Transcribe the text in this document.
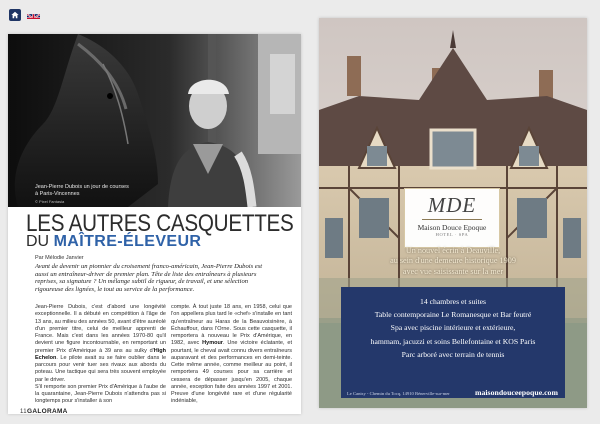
Jean-Pierre Dubois un jour de courses à Paris-Vincennes
© Pixel Fantasia
LES AUTRES CASQUETTES
DU MAÎTRE-ÉLEVEUR
Par Mélodie Janvier
Avant de devenir un pionnier du croisement franco-américain, Jean-Pierre Dubois est aussi un entraîneur-driver de premier plan. Tête de liste des entraîneurs à plusieurs reprises, sa signature ? Un mélange subtil de rigueur, de travail, et une sélection rigoureuse des lignées, le tout au service de la performance.
Jean-Pierre Dubois, c'est d'abord une longévité exceptionnelle. Il a débuté en compétition à l'âge de 13 ans, au milieu des années 50, avant d'être auréolé d'un premier titre, celui de meilleur apprenti de France. Mais c'est dans les années 1970-80 qu'il devient une figure incontournable, en remportant un premier Prix d'Amérique à 39 ans au sulky d'High Echelon. Le pilote avait su se faire oublier dans le parcours pour venir tuer ses rivaux aux abords du poteau. Une tactique qui sera très souvent employée par le driver.
S'il remporte son premier Prix d'Amérique à l'aube de la quarantaine, Jean-Pierre Dubois n'attendra pas si longtemps pour s'installer à son
compte. À tout juste 18 ans, en 1958, celui que l'on appellera plus tard le «chef» s'installe en tant qu'entraîneur au Haras de la Beauvoisinère, à Échauffour, dans l'Orne. Sous cette casquette, il remportera à nouveau le Prix d'Amérique, en 1982, avec Hymour. Une victoire éclatante, et pourtant, le cheval avait connu divers entraîneurs auparavant et des performances en demi-teinte. Cette même année, comme meilleur au point, il remportera 49 courses pour sa carrière et cessera de dépasser jusqu'en 2005, chaque année, exception faite des années 1997 et 2001. Preuve d'une longévité rare et d'une régularité indéniable,
11 GALORAMA
MDE
Maison Douce Epoque
HOTEL · SPA
Un nouvel écrin à Deauville,
au sein d'une demeure historique 1909
avec vue saisissante sur la mer
14 chambres et suites
Table contemporaine Le Romanesque et Bar feutré
Spa avec piscine intérieure et extérieure,
hammam, jacuzzi et soins Bellefontaine et KOS Paris
Parc arboré avec terrain de tennis
Le Canisy - Chemin du Tocq, 14910 Bénerville-sur-mer	maisondouceepoque.com
